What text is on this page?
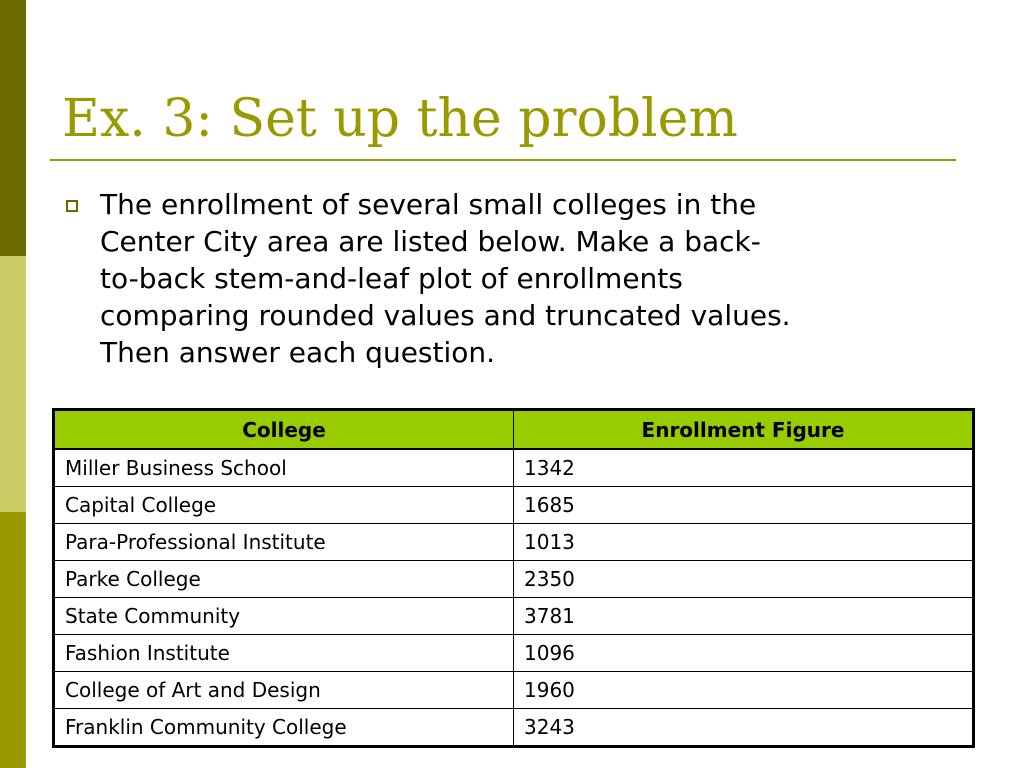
Ex. 3: Set up the problem

The enrollment of several small colleges in the
Center City area are listed below. Make a back-
to-back stem-and-leaf plot of enrollments
comparing rounded values and truncated values.
Then answer each question.

College	Enrollment Figure
Miller Business School	1342
Capital College	1685
Para-Professional Institute	1013
Parke College	2350
State Community	3781
Fashion Institute	1096
College of Art and Design	1960
Franklin Community College	3243
